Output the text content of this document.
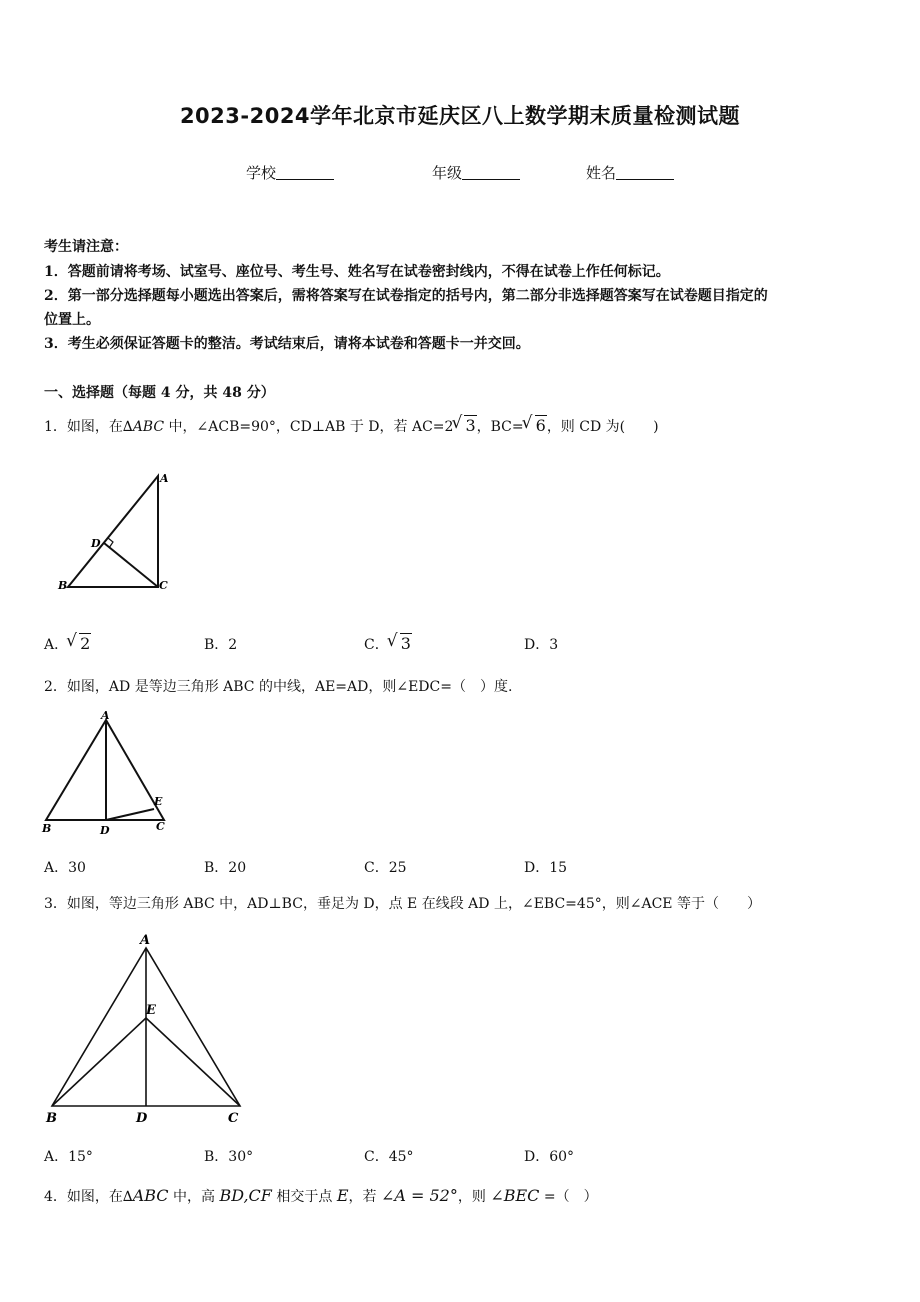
2023-2024学年北京市延庆区八上数学期末质量检测试题
学校	年级	姓名
考生请注意：
1．答题前请将考场、试室号、座位号、考生号、姓名写在试卷密封线内，不得在试卷上作任何标记。
2．第一部分选择题每小题选出答案后，需将答案写在试卷指定的括号内，第二部分非选择题答案写在试卷题目指定的
位置上。
3．考生必须保证答题卡的整洁。考试结束后，请将本试卷和答题卡一并交回。
一、选择题（每题 4 分，共 48 分）
1．如图，在∆ABC 中，∠ACB=90°，CD⊥AB 于 D，若 AC=2 √ 3，BC= √ 6，则 CD 为(　　)
A
B	C
D
A． √ 2	B．2	C． √ 3	D．3
2．如图，AD 是等边三角形 ABC 的中线，AE=AD，则∠EDC=（　）度.
A
B	C
D
E
A．30	B．20	C．25	D．15
3．如图，等边三角形 ABC 中，AD⊥BC，垂足为 D，点 E 在线段 AD 上，∠EBC=45°，则∠ACE 等于（　　）
A
B	C
D
E
A．15°	B．30°	C．45°	D．60°
4．如图，在∆ABC 中，高 BD,CF 相交于点 E，若 ∠A = 52°，则 ∠BEC =（　）
